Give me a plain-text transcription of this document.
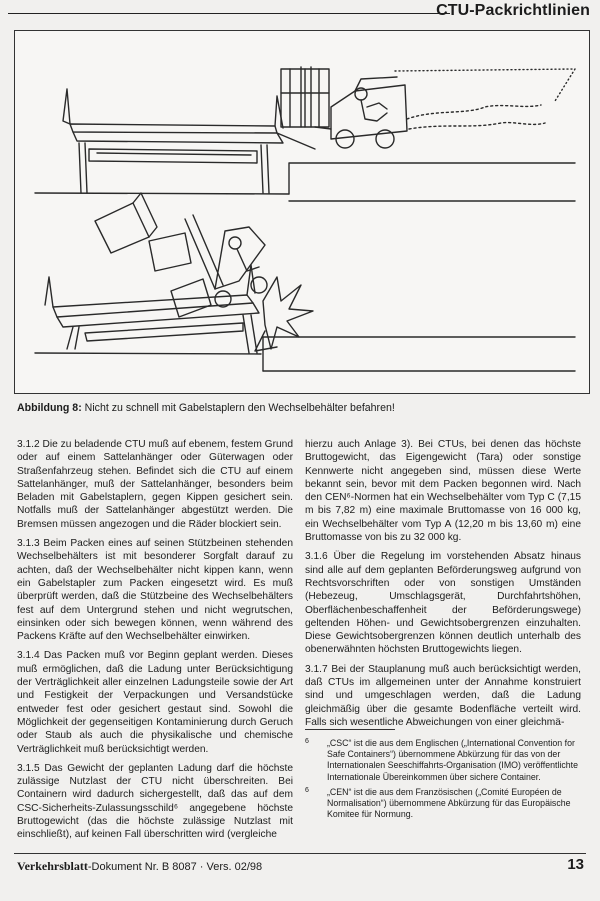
CTU-Packrichtlinien
Abbildung 8: Nicht zu schnell mit Gabelstaplern den Wechselbehälter befahren!

3.1.2 Die zu beladende CTU muß auf ebenem, festem Grund oder auf einem Sattelanhänger oder Güterwagen oder Straßenfahrzeug stehen. Befindet sich die CTU auf einem Sattelanhänger, muß der Sattelanhänger, besonders beim Beladen mit Gabelstaplern, gegen Kippen gesichert sein. Notfalls muß der Sattelanhänger abgestützt werden. Die Bremsen müssen angezogen und die Räder blockiert sein.

3.1.3 Beim Packen eines auf seinen Stützbeinen stehenden Wechselbehälters ist mit besonderer Sorgfalt darauf zu achten, daß der Wechselbehälter nicht kippen kann, wenn ein Gabelstapler zum Packen eingesetzt wird. Es muß überprüft werden, daß die Stützbeine des Wechselbehälters fest auf dem Untergrund stehen und nicht wegrutschen, einsinken oder sich bewegen können, wenn während des Packens Kräfte auf den Wechselbehälter einwirken.

3.1.4 Das Packen muß vor Beginn geplant werden. Dieses muß ermöglichen, daß die Ladung unter Berücksichtigung der Verträglichkeit aller einzelnen Ladungsteile sowie der Art und Festigkeit der Verpackungen und Versandstücke entweder fest oder gesichert gestaut sind. Sowohl die Möglichkeit der gegenseitigen Kontaminierung durch Geruch oder Staub als auch die physikalische und chemische Verträglichkeit muß berücksichtigt werden.

3.1.5 Das Gewicht der geplanten Ladung darf die höchste zulässige Nutzlast der CTU nicht überschreiten. Bei Containern wird dadurch sichergestellt, daß das auf dem CSC-Sicherheits-Zulassungsschild⁶ angegebene höchste Bruttogewicht (das die höchste zulässige Nutzlast mit einschließt), auf keinen Fall überschritten wird (vergleiche

hierzu auch Anlage 3). Bei CTUs, bei denen das höchste Bruttogewicht, das Eigengewicht (Tara) oder sonstige Kennwerte nicht angegeben sind, müssen diese Werte bekannt sein, bevor mit dem Packen begonnen wird. Nach den CEN⁶-Normen hat ein Wechselbehälter vom Typ C (7,15 m bis 7,82 m) eine maximale Bruttomasse von 16 000 kg, ein Wechselbehälter vom Typ A (12,20 m bis 13,60 m) eine Bruttomasse von bis zu 32 000 kg.

3.1.6 Über die Regelung im vorstehenden Absatz hinaus sind alle auf dem geplanten Beförderungsweg aufgrund von Rechtsvorschriften oder von sonstigen Umständen (Hebezeug, Umschlagsgerät, Durchfahrtshöhen, Oberflächenbeschaffenheit der Beförderungswege) geltenden Höhen- und Gewichtsobergrenzen einzuhalten. Diese Gewichtsobergrenzen können deutlich unterhalb des obenerwähnten höchsten Bruttogewichts liegen.

3.1.7 Bei der Stauplanung muß auch berücksichtigt werden, daß CTUs im allgemeinen unter der Annahme konstruiert sind und umgeschlagen werden, daß die Ladung gleichmäßig über die gesamte Bodenfläche verteilt wird. Falls sich wesentliche Abweichungen von einer gleichmä-

6 „CSC“ ist die aus dem Englischen („International Convention for Safe Containers“) übernommene Abkürzung für das von der Internationalen Seeschiffahrts-Organisation (IMO) veröffentlichte Internationale Übereinkommen über sichere Container.
6 „CEN“ ist die aus dem Französischen („Comité Européen de Normalisation“) übernommene Abkürzung für das Europäische Komitee für Normung.
Verkehrsblatt-Dokument Nr. B 8087 · Vers. 02/98	13
